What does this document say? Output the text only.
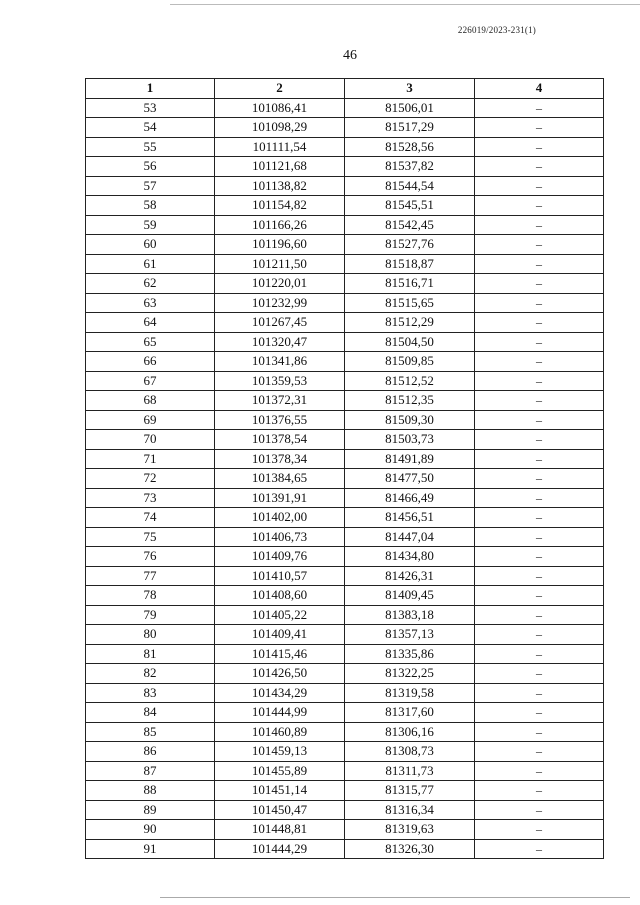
226019/2023-231(1)
46
1	2	3	4
53	101086,41	81506,01	–
54	101098,29	81517,29	–
55	101111,54	81528,56	–
56	101121,68	81537,82	–
57	101138,82	81544,54	–
58	101154,82	81545,51	–
59	101166,26	81542,45	–
60	101196,60	81527,76	–
61	101211,50	81518,87	–
62	101220,01	81516,71	–
63	101232,99	81515,65	–
64	101267,45	81512,29	–
65	101320,47	81504,50	–
66	101341,86	81509,85	–
67	101359,53	81512,52	–
68	101372,31	81512,35	–
69	101376,55	81509,30	–
70	101378,54	81503,73	–
71	101378,34	81491,89	–
72	101384,65	81477,50	–
73	101391,91	81466,49	–
74	101402,00	81456,51	–
75	101406,73	81447,04	–
76	101409,76	81434,80	–
77	101410,57	81426,31	–
78	101408,60	81409,45	–
79	101405,22	81383,18	–
80	101409,41	81357,13	–
81	101415,46	81335,86	–
82	101426,50	81322,25	–
83	101434,29	81319,58	–
84	101444,99	81317,60	–
85	101460,89	81306,16	–
86	101459,13	81308,73	–
87	101455,89	81311,73	–
88	101451,14	81315,77	–
89	101450,47	81316,34	–
90	101448,81	81319,63	–
91	101444,29	81326,30	–
